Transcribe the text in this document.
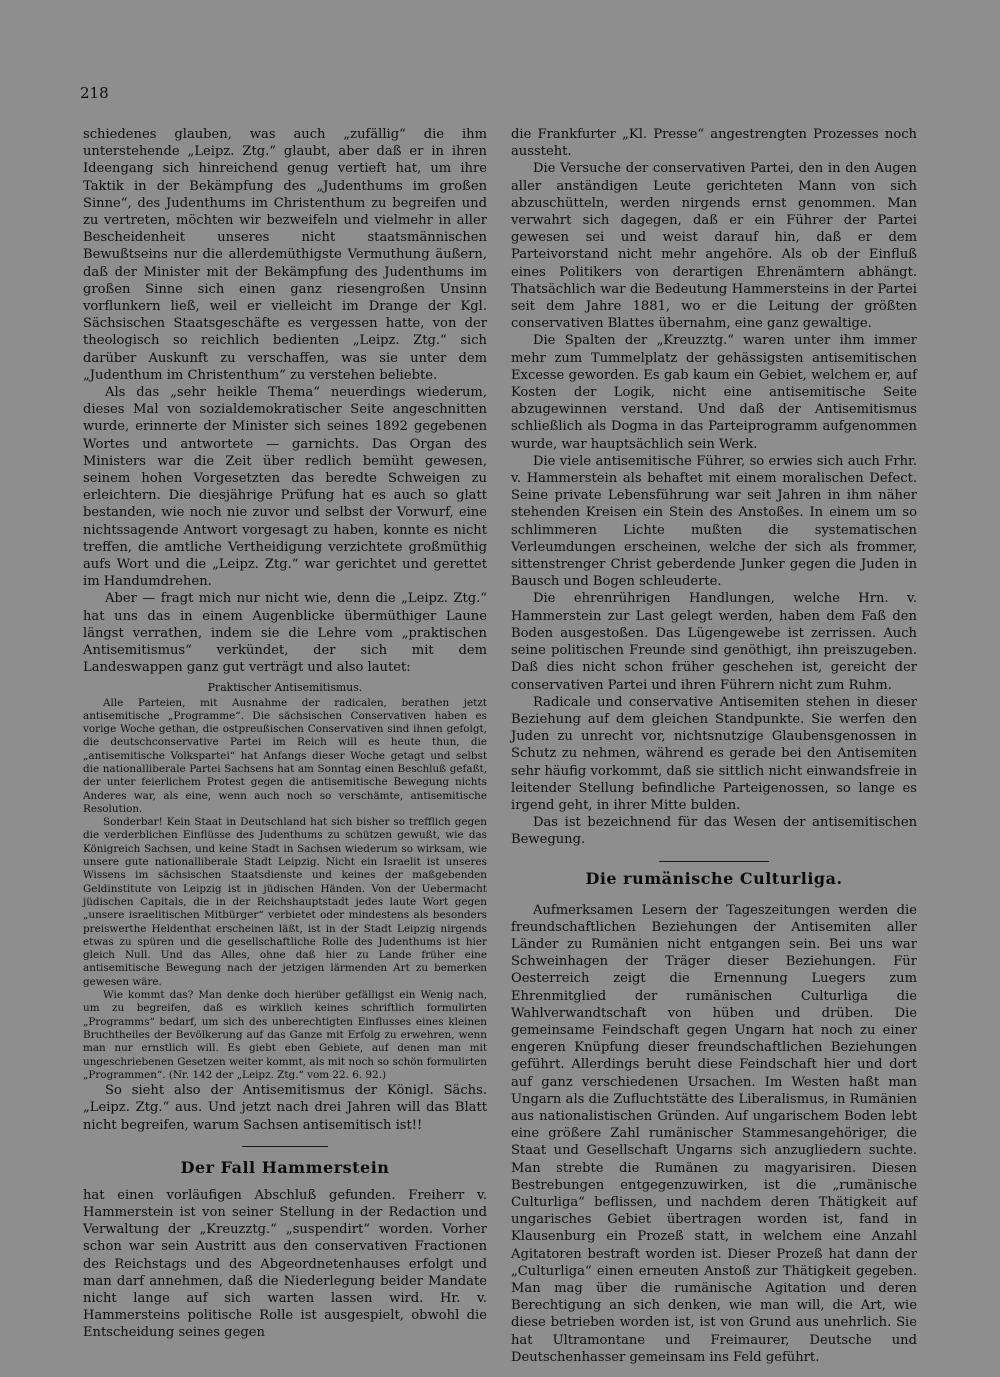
218

schiedenes glauben, was auch „zufällig“ die ihm unterstehende „Leipz. Ztg.“ glaubt, aber daß er in ihren Ideengang sich hinreichend genug vertieft hat, um ihre Taktik in der Bekämpfung des „Judenthums im großen Sinne“, des Judenthums im Christenthum zu begreifen und zu vertreten, möchten wir bezweifeln und vielmehr in aller Bescheidenheit unseres nicht staatsmännischen Bewußtseins nur die allerdemüthigste Vermuthung äußern, daß der Minister mit der Bekämpfung des Judenthums im großen Sinne sich einen ganz riesengroßen Unsinn vorflunkern ließ, weil er vielleicht im Drange der Kgl. Sächsischen Staatsgeschäfte es vergessen hatte, von der theologisch so reichlich bedienten „Leipz. Ztg.“ sich darüber Auskunft zu verschaffen, was sie unter dem „Judenthum im Christenthum“ zu verstehen beliebte.

Als das „sehr heikle Thema“ neuerdings wiederum, dieses Mal von sozialdemokratischer Seite angeschnitten wurde, erinnerte der Minister sich seines 1892 gegebenen Wortes und antwortete — garnichts. Das Organ des Ministers war die Zeit über redlich bemüht gewesen, seinem hohen Vorgesetzten das beredte Schweigen zu erleichtern. Die diesjährige Prüfung hat es auch so glatt bestanden, wie noch nie zuvor und selbst der Vorwurf, eine nichtssagende Antwort vorgesagt zu haben, konnte es nicht treffen, die amtliche Vertheidigung verzichtete großmüthig aufs Wort und die „Leipz. Ztg.“ war gerichtet und gerettet im Handumdrehen.

Aber — fragt mich nur nicht wie, denn die „Leipz. Ztg.“ hat uns das in einem Augenblicke übermüthiger Laune längst verrathen, indem sie die Lehre vom „praktischen Antisemitismus“ verkündet, der sich mit dem Landeswappen ganz gut verträgt und also lautet:

Praktischer Antisemitismus.

Alle Parteien, mit Ausnahme der radicalen, berathen jetzt antisemitische „Programme“. Die sächsischen Conservativen haben es vorige Woche gethan, die ostpreußischen Conservativen sind ihnen gefolgt, die deutschconservative Partei im Reich will es heute thun, die „antisemitische Volkspartei“ hat Anfangs dieser Woche getagt und selbst die nationalliberale Partei Sachsens hat am Sonntag einen Beschluß gefaßt, der unter feierlichem Protest gegen die antisemitische Bewegung nichts Anderes war, als eine, wenn auch noch so verschämte, antisemitische Resolution.

Sonderbar! Kein Staat in Deutschland hat sich bisher so trefflich gegen die verderblichen Einflüsse des Judenthums zu schützen gewußt, wie das Königreich Sachsen, und keine Stadt in Sachsen wiederum so wirksam, wie unsere gute nationalliberale Stadt Leipzig. Nicht ein Israelit ist unseres Wissens im sächsischen Staatsdienste und keines der maßgebenden Geldinstitute von Leipzig ist in jüdischen Händen. Von der Uebermacht jüdischen Capitals, die in der Reichshauptstadt jedes laute Wort gegen „unsere israelitischen Mitbürger“ verbietet oder mindestens als besonders preiswerthe Heldenthat erscheinen läßt, ist in der Stadt Leipzig nirgends etwas zu spüren und die gesellschaftliche Rolle des Judenthums ist hier gleich Null. Und das Alles, ohne daß hier zu Lande früher eine antisemitische Bewegung nach der jetzigen lärmenden Art zu bemerken gewesen wäre.

Wie kommt das? Man denke doch hierüber gefälligst ein Wenig nach, um zu begreifen, daß es wirklich keines schriftlich formulirten „Programms“ bedarf, um sich des unberechtigten Einflusses eines kleinen Bruchtheiles der Bevölkerung auf das Ganze mit Erfolg zu erwehren, wenn man nur ernstlich will. Es giebt eben Gebiete, auf denen man mit ungeschriebenen Gesetzen weiter kommt, als mit noch so schön formulirten „Programmen“. (Nr. 142 der „Leipz. Ztg.“ vom 22. 6. 92.)

So sieht also der Antisemitismus der Königl. Sächs. „Leipz. Ztg.“ aus. Und jetzt nach drei Jahren will das Blatt nicht begreifen, warum Sachsen antisemitisch ist!!

Der Fall Hammerstein

hat einen vorläufigen Abschluß gefunden. Freiherr v. Hammerstein ist von seiner Stellung in der Redaction und Verwaltung der „Kreuzztg.“ „suspendirt“ worden. Vorher schon war sein Austritt aus den conservativen Fractionen des Reichstags und des Abgeordnetenhauses erfolgt und man darf annehmen, daß die Niederlegung beider Mandate nicht lange auf sich warten lassen wird. Hr. v. Hammersteins politische Rolle ist ausgespielt, obwohl die Entscheidung seines gegen

die Frankfurter „Kl. Presse“ angestrengten Prozesses noch aussteht.

Die Versuche der conservativen Partei, den in den Augen aller anständigen Leute gerichteten Mann von sich abzuschütteln, werden nirgends ernst genommen. Man verwahrt sich dagegen, daß er ein Führer der Partei gewesen sei und weist darauf hin, daß er dem Parteivorstand nicht mehr angehöre. Als ob der Einfluß eines Politikers von derartigen Ehrenämtern abhängt. Thatsächlich war die Bedeutung Hammersteins in der Partei seit dem Jahre 1881, wo er die Leitung der größten conservativen Blattes übernahm, eine ganz gewaltige.

Die Spalten der „Kreuzztg.“ waren unter ihm immer mehr zum Tummelplatz der gehässigsten antisemitischen Excesse geworden. Es gab kaum ein Gebiet, welchem er, auf Kosten der Logik, nicht eine antisemitische Seite abzugewinnen verstand. Und daß der Antisemitismus schließlich als Dogma in das Parteiprogramm aufgenommen wurde, war hauptsächlich sein Werk.

Die viele antisemitische Führer, so erwies sich auch Frhr. v. Hammerstein als behaftet mit einem moralischen Defect. Seine private Lebensführung war seit Jahren in ihm näher stehenden Kreisen ein Stein des Anstoßes. In einem um so schlimmeren Lichte mußten die systematischen Verleumdungen erscheinen, welche der sich als frommer, sittenstrenger Christ geberdende Junker gegen die Juden in Bausch und Bogen schleuderte.

Die ehrenrührigen Handlungen, welche Hrn. v. Hammerstein zur Last gelegt werden, haben dem Faß den Boden ausgestoßen. Das Lügengewebe ist zerrissen. Auch seine politischen Freunde sind genöthigt, ihn preiszugeben. Daß dies nicht schon früher geschehen ist, gereicht der conservativen Partei und ihren Führern nicht zum Ruhm.

Radicale und conservative Antisemiten stehen in dieser Beziehung auf dem gleichen Standpunkte. Sie werfen den Juden zu unrecht vor, nichtsnutzige Glaubensgenossen in Schutz zu nehmen, während es gerade bei den Antisemiten sehr häufig vorkommt, daß sie sittlich nicht einwandsfreie in leitender Stellung befindliche Parteigenossen, so lange es irgend geht, in ihrer Mitte bulden.

Das ist bezeichnend für das Wesen der antisemitischen Bewegung.

Die rumänische Culturliga.

Aufmerksamen Lesern der Tageszeitungen werden die freundschaftlichen Beziehungen der Antisemiten aller Länder zu Rumänien nicht entgangen sein. Bei uns war Schweinhagen der Träger dieser Beziehungen. Für Oesterreich zeigt die Ernennung Luegers zum Ehrenmitglied der rumänischen Culturliga die Wahlverwandtschaft von hüben und drüben. Die gemeinsame Feindschaft gegen Ungarn hat noch zu einer engeren Knüpfung dieser freundschaftlichen Beziehungen geführt. Allerdings beruht diese Feindschaft hier und dort auf ganz verschiedenen Ursachen. Im Westen haßt man Ungarn als die Zufluchtstätte des Liberalismus, in Rumänien aus nationalistischen Gründen. Auf ungarischem Boden lebt eine größere Zahl rumänischer Stammesangehöriger, die Staat und Gesellschaft Ungarns sich anzugliedern suchte. Man strebte die Rumänen zu magyarisiren. Diesen Bestrebungen entgegenzuwirken, ist die „rumänische Culturliga“ beflissen, und nachdem deren Thätigkeit auf ungarisches Gebiet übertragen worden ist, fand in Klausenburg ein Prozeß statt, in welchem eine Anzahl Agitatoren bestraft worden ist. Dieser Prozeß hat dann der „Culturliga“ einen erneuten Anstoß zur Thätigkeit gegeben. Man mag über die rumänische Agitation und deren Berechtigung an sich denken, wie man will, die Art, wie diese betrieben worden ist, ist von Grund aus unehrlich. Sie hat Ultramontane und Freimaurer, Deutsche und Deutschenhasser gemeinsam ins Feld geführt.
